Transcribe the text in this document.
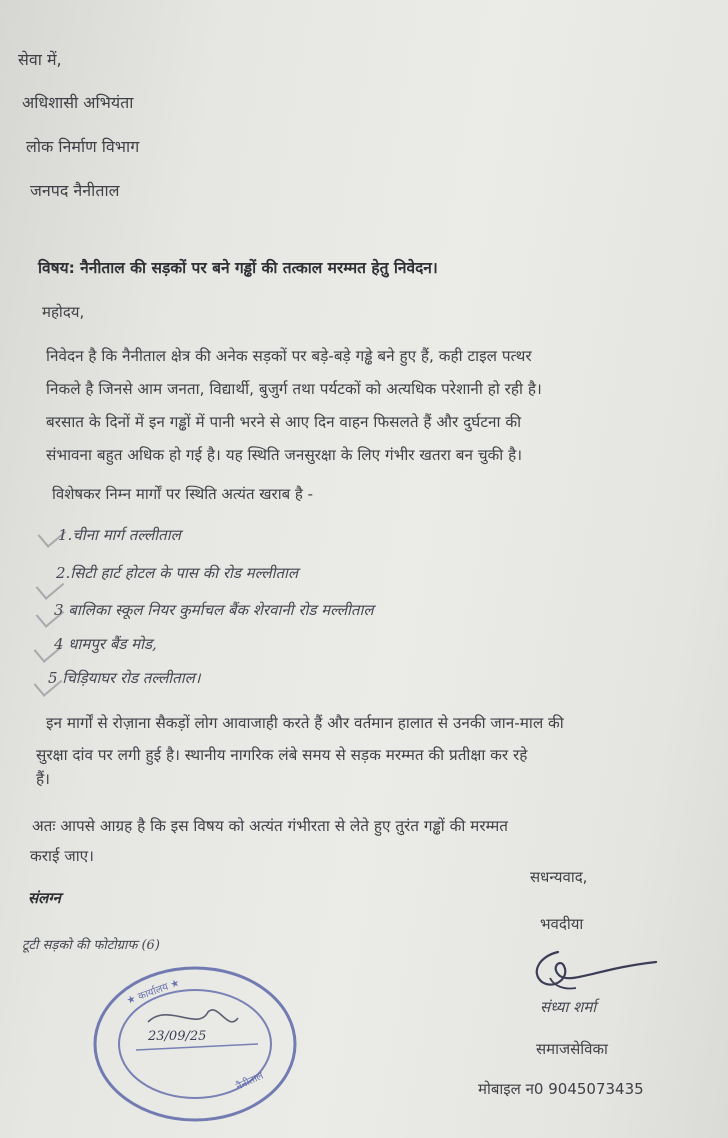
सेवा में,
अधिशासी अभियंता
लोक निर्माण विभाग
जनपद नैनीताल
विषय: नैनीताल की सड़कों पर बने गड्ढों की तत्काल मरम्मत हेतु निवेदन।
महोदय,
निवेदन है कि नैनीताल क्षेत्र की अनेक सड़कों पर बड़े-बड़े गड्ढे बने हुए हैं, कही टाइल पत्थर
निकले है जिनसे आम जनता, विद्यार्थी, बुजुर्ग तथा पर्यटकों को अत्यधिक परेशानी हो रही है।
बरसात के दिनों में इन गड्ढों में पानी भरने से आए दिन वाहन फिसलते हैं और दुर्घटना की
संभावना बहुत अधिक हो गई है। यह स्थिति जनसुरक्षा के लिए गंभीर खतरा बन चुकी है।
विशेषकर निम्न मार्गों पर स्थिति अत्यंत खराब है -
1.चीना मार्ग तल्लीताल
2.सिटी हार्ट होटल के पास की रोड मल्लीताल
3 बालिका स्कूल नियर कुर्माचल बैंक शेरवानी रोड मल्लीताल
4 धामपुर बैंड मोड,
5 चिड़ियाघर रोड तल्लीताल।
इन मार्गों से रोज़ाना सैकड़ों लोग आवाजाही करते हैं और वर्तमान हालात से उनकी जान-माल की
सुरक्षा दांव पर लगी हुई है। स्थानीय नागरिक लंबे समय से सड़क मरम्मत की प्रतीक्षा कर रहे
हैं।
अतः आपसे आग्रह है कि इस विषय को अत्यंत गंभीरता से लेते हुए तुरंत गड्ढों की मरम्मत
कराई जाए।
सधन्यवाद,
संलग्न
भवदीया
टूटी सड़को की फोटोग्राफ (6)
संध्या शर्मा
समाजसेविका
मोबाइल न0 9045073435
★ कार्यालय ★
23/09/25
नैनीताल
